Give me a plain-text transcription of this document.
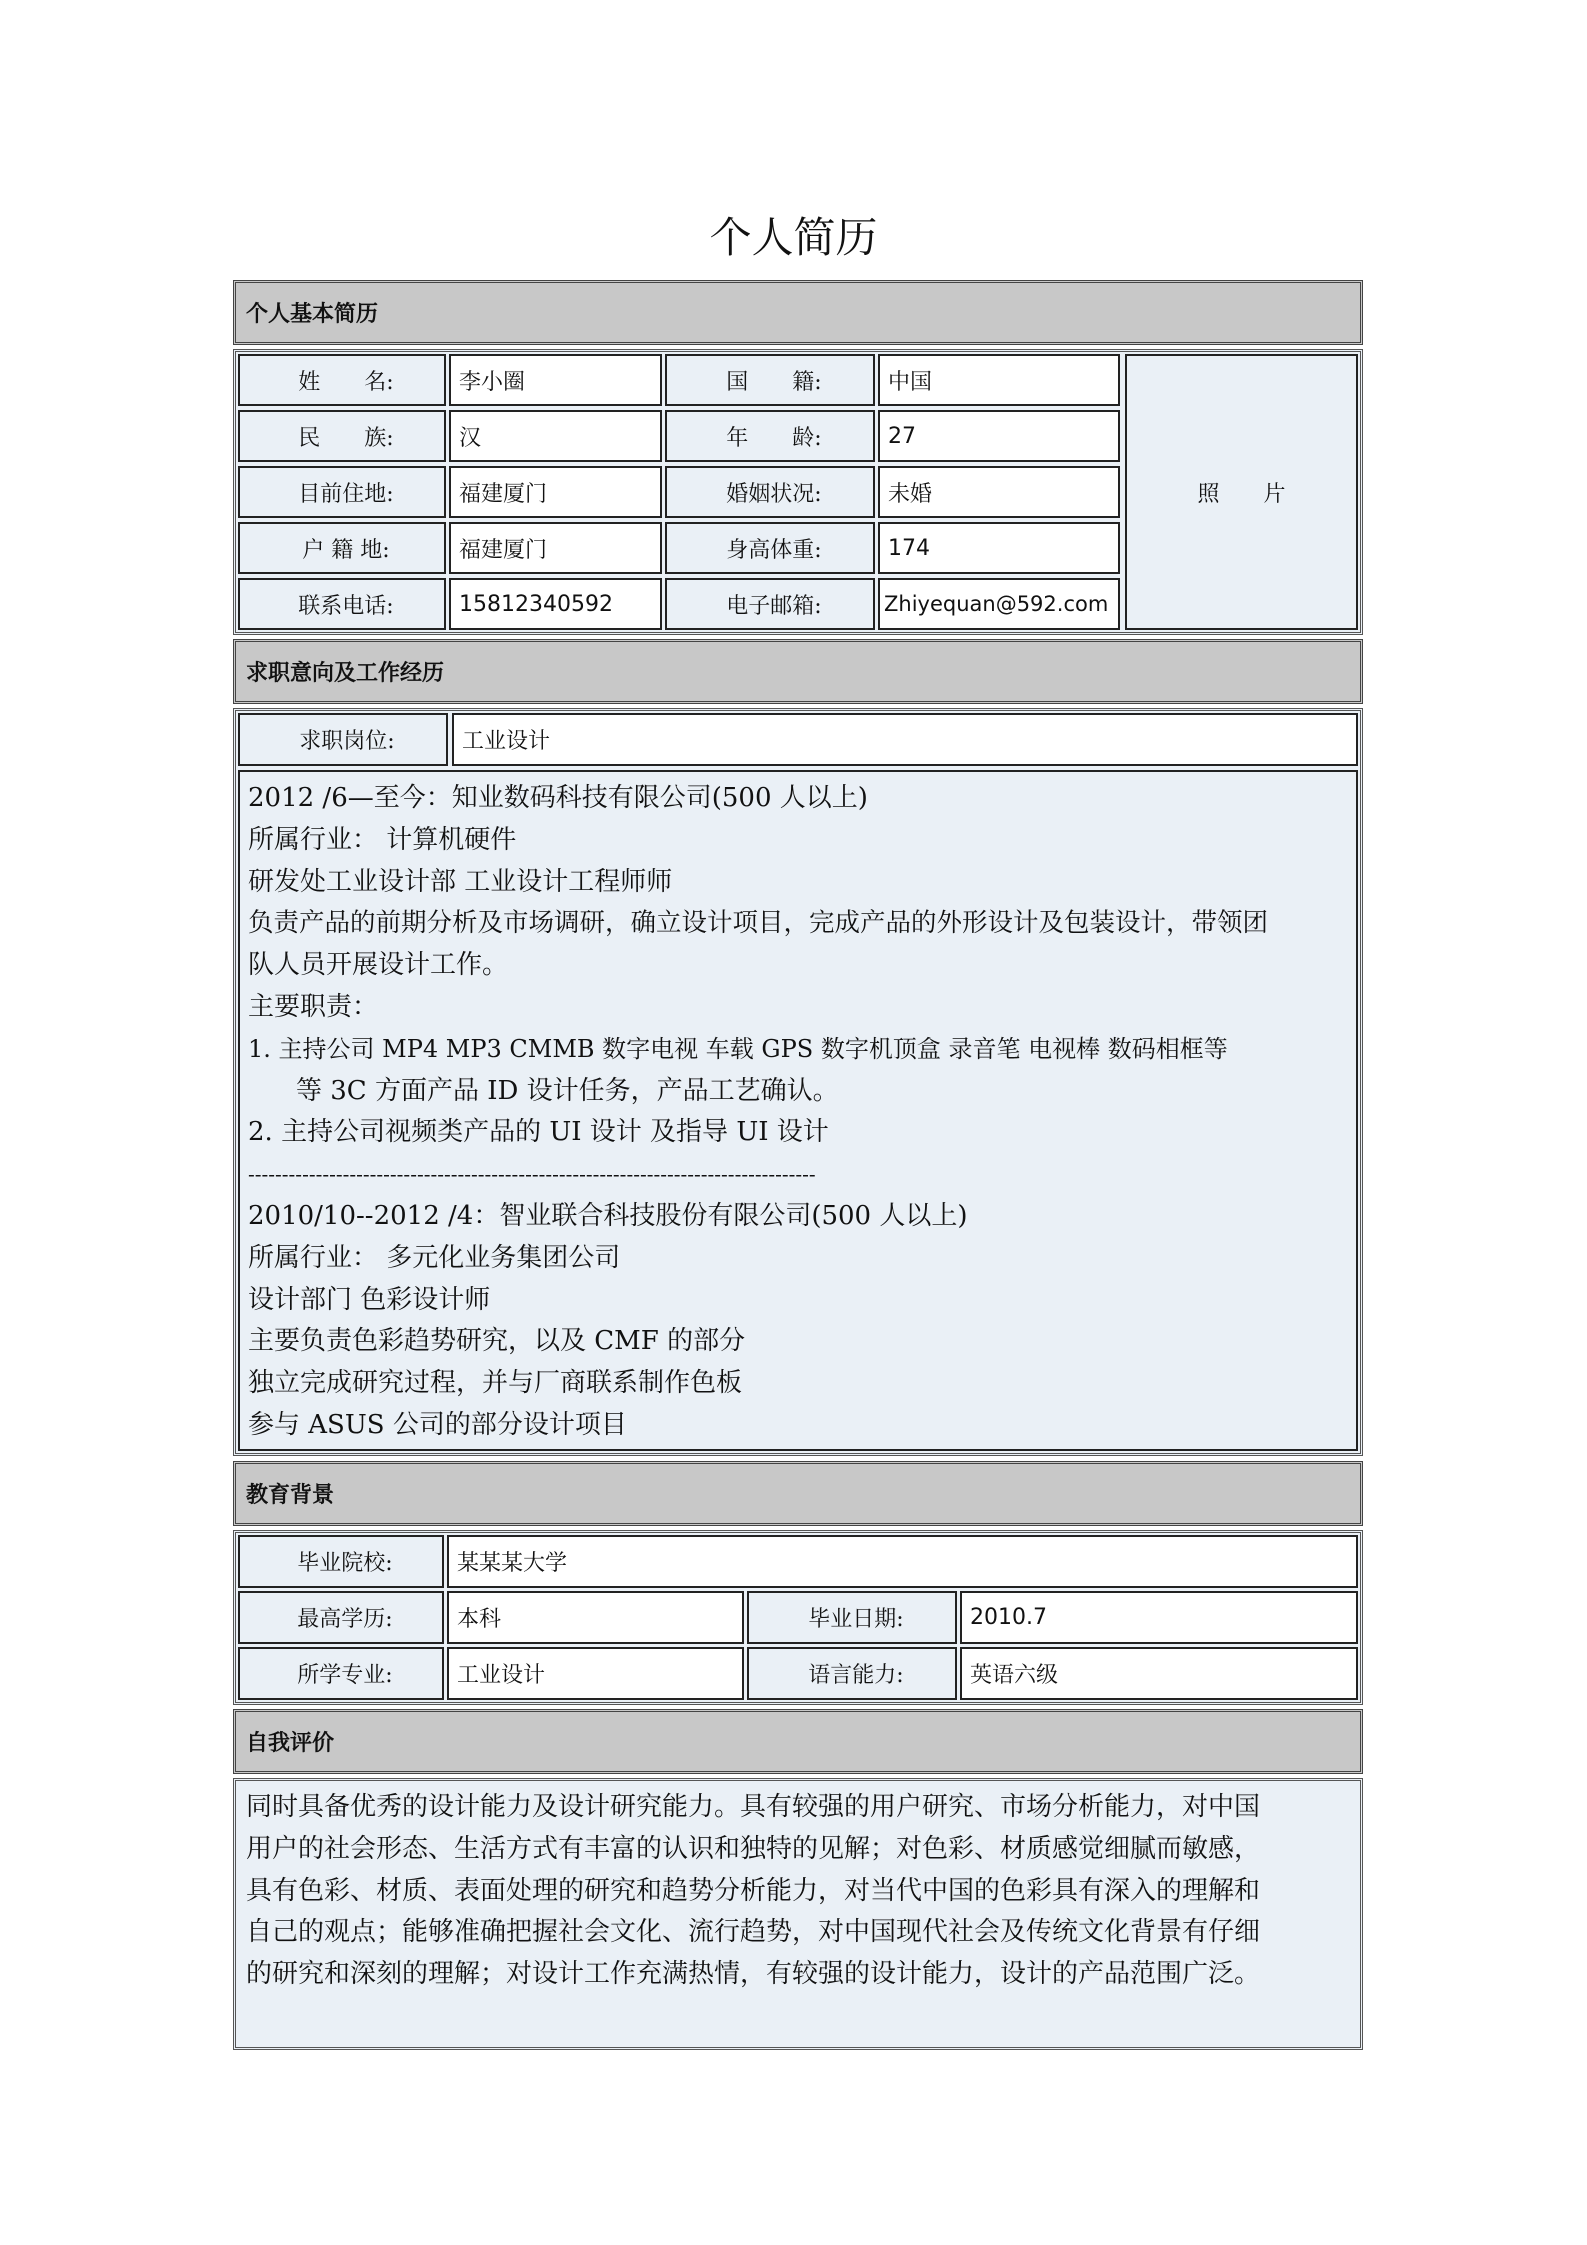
个人简历
个人基本简历
姓　　名:	李小圈	国　　籍:	中国
民　　族:	汉	年　　龄:	27
目前住地:	福建厦门	婚姻状况:	未婚
户 籍 地:	福建厦门	身高体重:	174
联系电话:	15812340592	电子邮箱:	Zhiyequan@592.com
照　　片
求职意向及工作经历
求职岗位:	工业设计
2012 /6—至今：知业数码科技有限公司(500 人以上)
所属行业： 计算机硬件
研发处工业设计部 工业设计工程师师
负责产品的前期分析及市场调研，确立设计项目，完成产品的外形设计及包装设计，带领团
队人员开展设计工作。
主要职责：
1. 主持公司 MP4 MP3 CMMB 数字电视 车载 GPS 数字机顶盒 录音笔 电视棒 数码相框等
等 3C 方面产品 ID 设计任务，产品工艺确认。
2. 主持公司视频类产品的 UI 设计 及指导 UI 设计
------------------------------------------------------------------------------------
2010/10--2012 /4：智业联合科技股份有限公司(500 人以上)
所属行业： 多元化业务集团公司
设计部门 色彩设计师
主要负责色彩趋势研究，以及 CMF 的部分
独立完成研究过程，并与厂商联系制作色板
参与 ASUS 公司的部分设计项目
教育背景
毕业院校:	某某某大学
最高学历:	本科	毕业日期:	2010.7
所学专业:	工业设计	语言能力:	英语六级
自我评价
同时具备优秀的设计能力及设计研究能力。具有较强的用户研究、市场分析能力，对中国
用户的社会形态、生活方式有丰富的认识和独特的见解；对色彩、材质感觉细腻而敏感，
具有色彩、材质、表面处理的研究和趋势分析能力，对当代中国的色彩具有深入的理解和
自己的观点；能够准确把握社会文化、流行趋势，对中国现代社会及传统文化背景有仔细
的研究和深刻的理解；对设计工作充满热情，有较强的设计能力，设计的产品范围广泛。
